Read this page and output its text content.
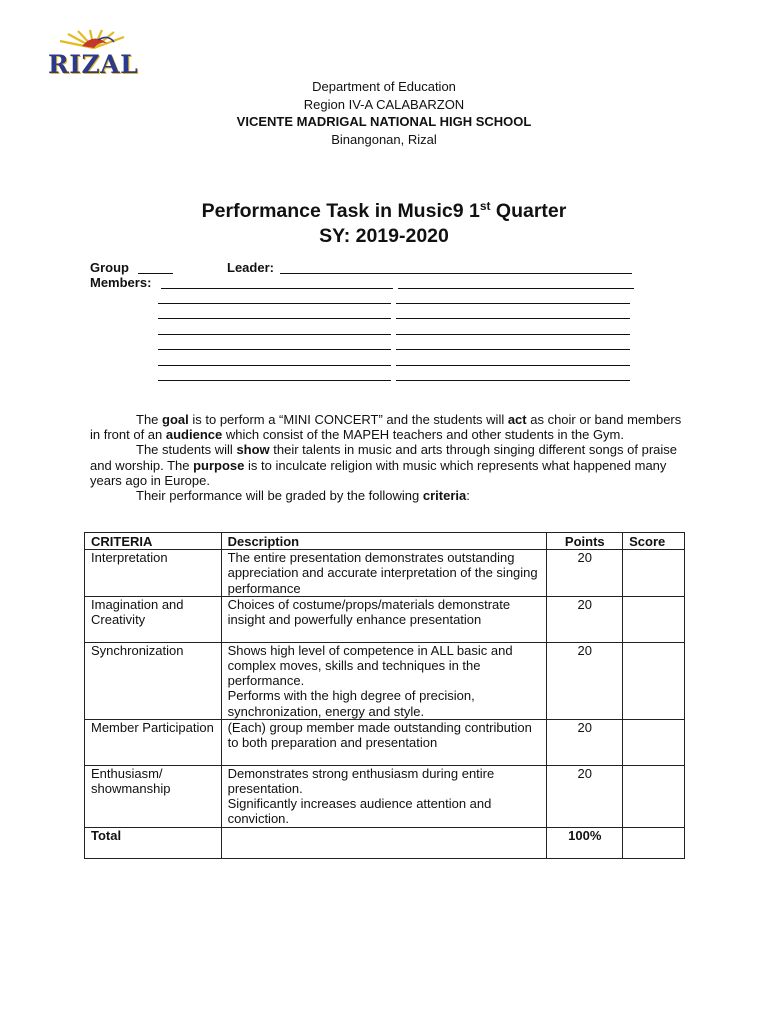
RIZAL
Department of Education
Region IV-A CALABARZON
VICENTE MADRIGAL NATIONAL HIGH SCHOOL
Binangonan, Rizal
Performance Task in Music9 1st Quarter
SY: 2019-2020
Group	Leader:
Members:

The goal is to perform a “MINI CONCERT” and the students will act as choir or band members in front of an audience which consist of the MAPEH teachers and other students in the Gym.

The students will show their talents in music and arts through singing different songs of praise and worship. The purpose is to inculcate religion with music which represents what happened many years ago in Europe.

Their performance will be graded by the following criteria:

CRITERIA	Description	Points	Score
Interpretation	The entire presentation demonstrates outstanding appreciation and accurate interpretation of the singing performance	20	
Imagination and Creativity	Choices of costume/props/materials demonstrate insight and powerfully enhance presentation	20	
Synchronization	Shows high level of competence in ALL basic and complex moves, skills and techniques in the performance.
Performs with the high degree of precision, synchronization, energy and style.	20	
Member Participation	(Each) group member made outstanding contribution to both preparation and presentation	20	
Enthusiasm/ showmanship	Demonstrates strong enthusiasm during entire presentation.
Significantly increases audience attention and conviction.	20	
Total		100%	
